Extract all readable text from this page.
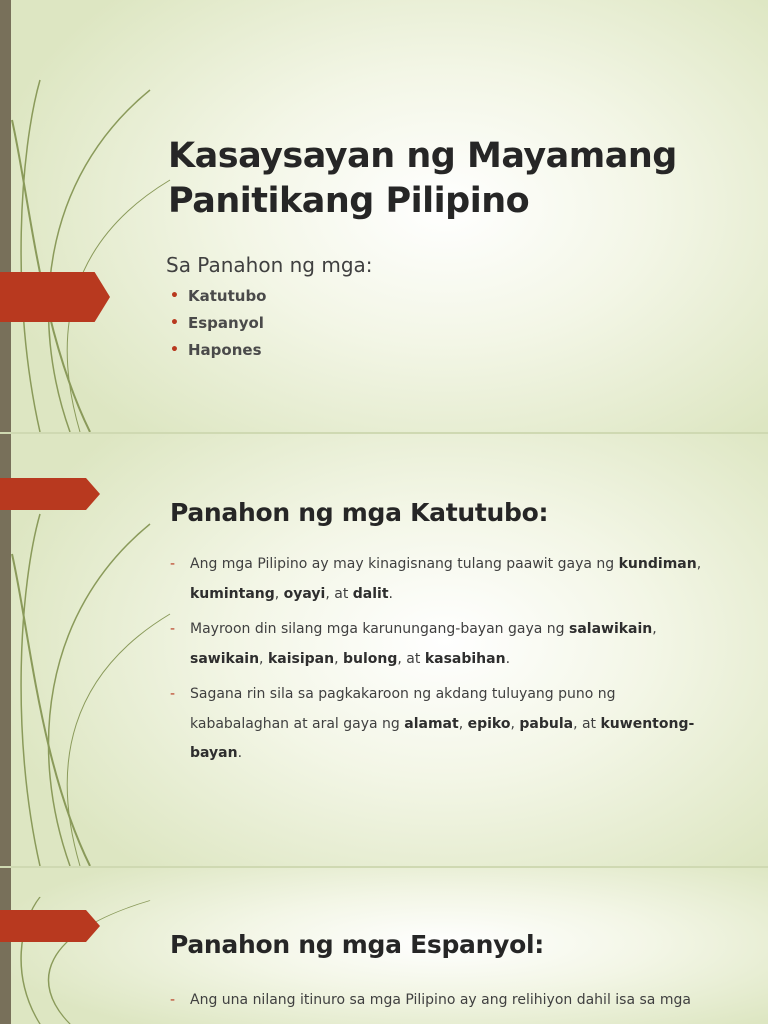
Kasaysayan ng Mayamang Panitikang Pilipino
Sa Panahon ng mga:
• Katutubo
• Espanyol
• Hapones
Panahon ng mga Katutubo:
- Ang mga Pilipino ay may kinagisnang tulang paawit gaya ng kundiman, kumintang, oyayi, at dalit.
- Mayroon din silang mga karunungang-bayan gaya ng salawikain, sawikain, kaisipan, bulong, at kasabihan.
- Sagana rin sila sa pagkakaroon ng akdang tuluyang puno ng kababalaghan at aral gaya ng alamat, epiko, pabula, at kuwentong-bayan.
Panahon ng mga Espanyol:
- Ang una nilang itinuro sa mga Pilipino ay ang relihiyon dahil isa sa mga
